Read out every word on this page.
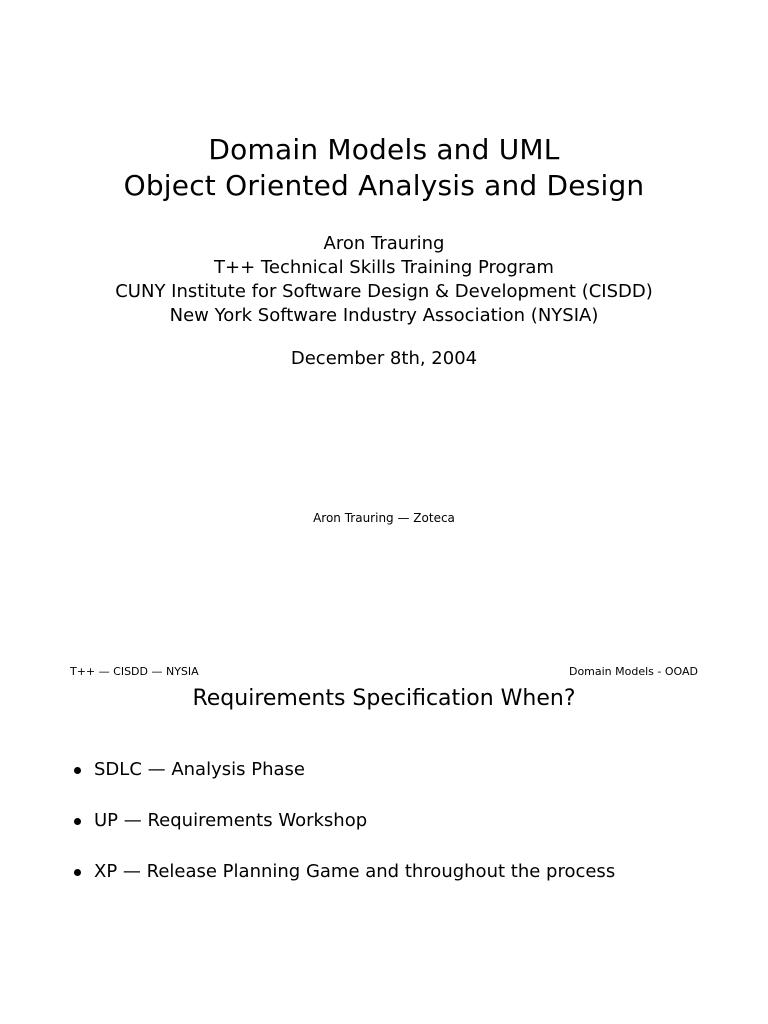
Domain Models and UML
Object Oriented Analysis and Design
Aron Trauring
T++ Technical Skills Training Program
CUNY Institute for Software Design & Development (CISDD)
New York Software Industry Association (NYSIA)
December 8th, 2004
Aron Trauring — Zoteca
T++ — CISDD — NYSIA	Domain Models - OOAD
Requirements Specification When?
SDLC — Analysis Phase
UP — Requirements Workshop
XP — Release Planning Game and throughout the process
